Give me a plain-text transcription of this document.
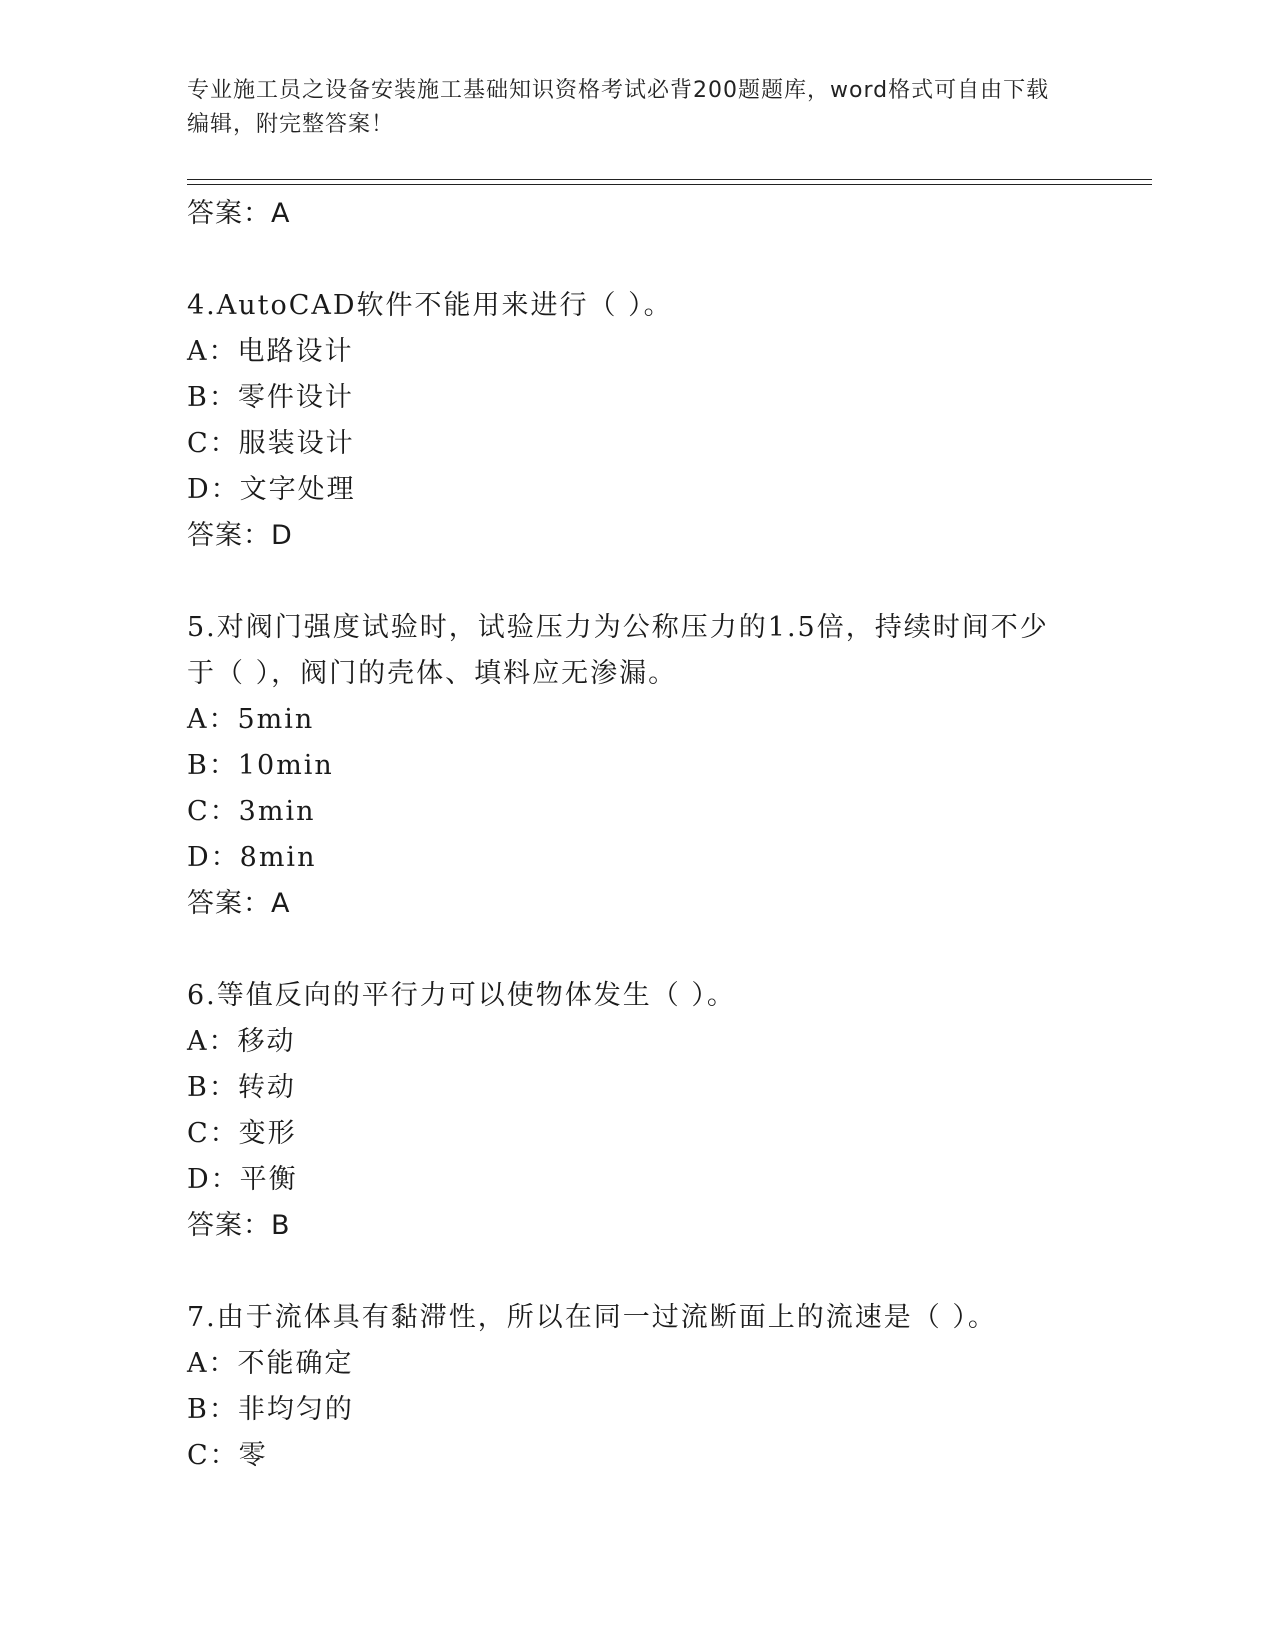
专业施工员之设备安装施工基础知识资格考试必背200题题库，word格式可自由下载编辑，附完整答案！
答案：A
4.AutoCAD软件不能用来进行（ ）。
A：电路设计
B：零件设计
C：服装设计
D：文字处理
答案：D
5.对阀门强度试验时，试验压力为公称压力的1.5倍，持续时间不少于（ ），阀门的壳体、填料应无渗漏。
A：5min
B：10min
C：3min
D：8min
答案：A
6.等值反向的平行力可以使物体发生（ ）。
A：移动
B：转动
C：变形
D：平衡
答案：B
7.由于流体具有黏滞性，所以在同一过流断面上的流速是（ ）。
A：不能确定
B：非均匀的
C：零
